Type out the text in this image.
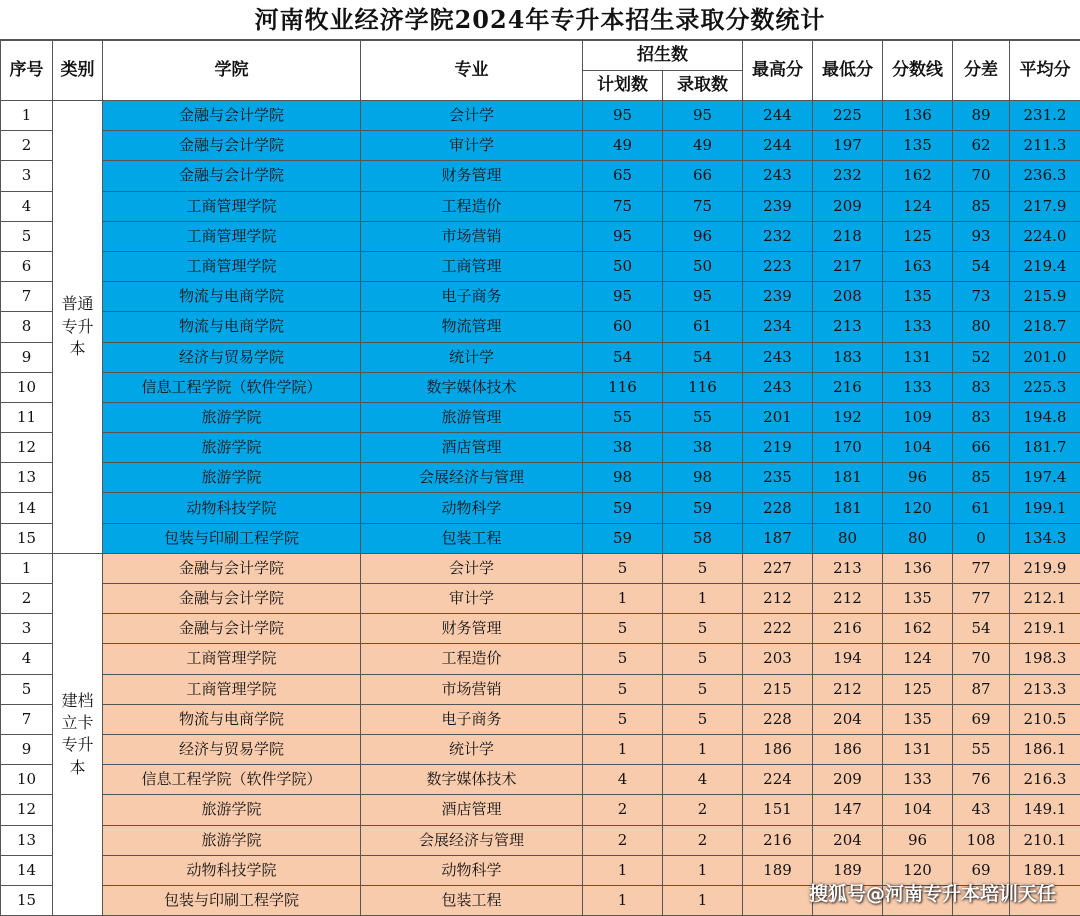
河南牧业经济学院2024年专升本招生录取分数统计
序号	类别	学院	专业	招生数		最高分	最低分	分数线	分差	平均分
				计划数	录取数					
1	普通专升本	金融与会计学院	会计学	95	95	244	225	136	89	231.2
2		金融与会计学院	审计学	49	49	244	197	135	62	211.3
3		金融与会计学院	财务管理	65	66	243	232	162	70	236.3
4		工商管理学院	工程造价	75	75	239	209	124	85	217.9
5		工商管理学院	市场营销	95	96	232	218	125	93	224.0
6		工商管理学院	工商管理	50	50	223	217	163	54	219.4
7		物流与电商学院	电子商务	95	95	239	208	135	73	215.9
8		物流与电商学院	物流管理	60	61	234	213	133	80	218.7
9		经济与贸易学院	统计学	54	54	243	183	131	52	201.0
10		信息工程学院（软件学院）	数字媒体技术	116	116	243	216	133	83	225.3
11		旅游学院	旅游管理	55	55	201	192	109	83	194.8
12		旅游学院	酒店管理	38	38	219	170	104	66	181.7
13		旅游学院	会展经济与管理	98	98	235	181	96	85	197.4
14		动物科技学院	动物科学	59	59	228	181	120	61	199.1
15		包装与印刷工程学院	包装工程	59	58	187	80	80	0	134.3
1	建档立卡专升本	金融与会计学院	会计学	5	5	227	213	136	77	219.9
2		金融与会计学院	审计学	1	1	212	212	135	77	212.1
3		金融与会计学院	财务管理	5	5	222	216	162	54	219.1
4		工商管理学院	工程造价	5	5	203	194	124	70	198.3
5		工商管理学院	市场营销	5	5	215	212	125	87	213.3
7		物流与电商学院	电子商务	5	5	228	204	135	69	210.5
9		经济与贸易学院	统计学	1	1	186	186	131	55	186.1
10		信息工程学院（软件学院）	数字媒体技术	4	4	224	209	133	76	216.3
12		旅游学院	酒店管理	2	2	151	147	104	43	149.1
13		旅游学院	会展经济与管理	2	2	216	204	96	108	210.1
14		动物科技学院	动物科学	1	1	189	189	120	69	189.1
15		包装与印刷工程学院	包装工程	1	1						搜狐号@河南专升本培训天任
